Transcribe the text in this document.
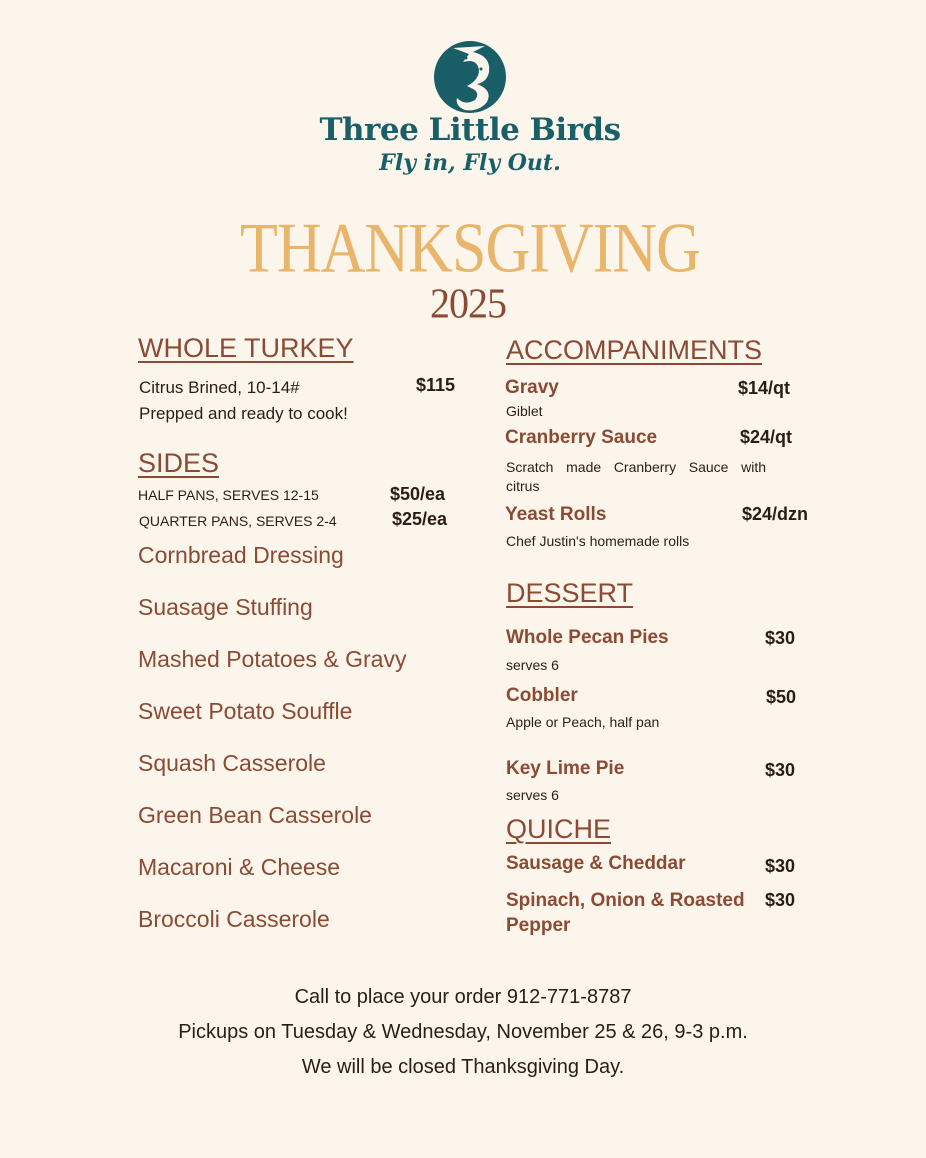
Three Little Birds
Fly in, Fly Out.
THANKSGIVING
2025
WHOLE TURKEY
Citrus Brined, 10-14#	$115
Prepped and ready to cook!
SIDES
HALF PANS, SERVES 12-15	$50/ea
QUARTER PANS, SERVES 2-4	$25/ea
Cornbread Dressing
Suasage Stuffing
Mashed Potatoes & Gravy
Sweet Potato Souffle
Squash Casserole
Green Bean Casserole
Macaroni & Cheese
Broccoli Casserole
ACCOMPANIMENTS
Gravy	$14/qt
Giblet
Cranberry Sauce	$24/qt
Scratch made Cranberry Sauce with citrus
Yeast Rolls	$24/dzn
Chef Justin's homemade rolls
DESSERT
Whole Pecan Pies	$30
serves 6
Cobbler	$50
Apple or Peach, half pan
Key Lime Pie	$30
serves 6
QUICHE
Sausage & Cheddar	$30
Spinach, Onion & Roasted Pepper
$30
Call to place your order 912-771-8787
Pickups on Tuesday & Wednesday, November 25 & 26, 9-3 p.m.
We will be closed Thanksgiving Day.
